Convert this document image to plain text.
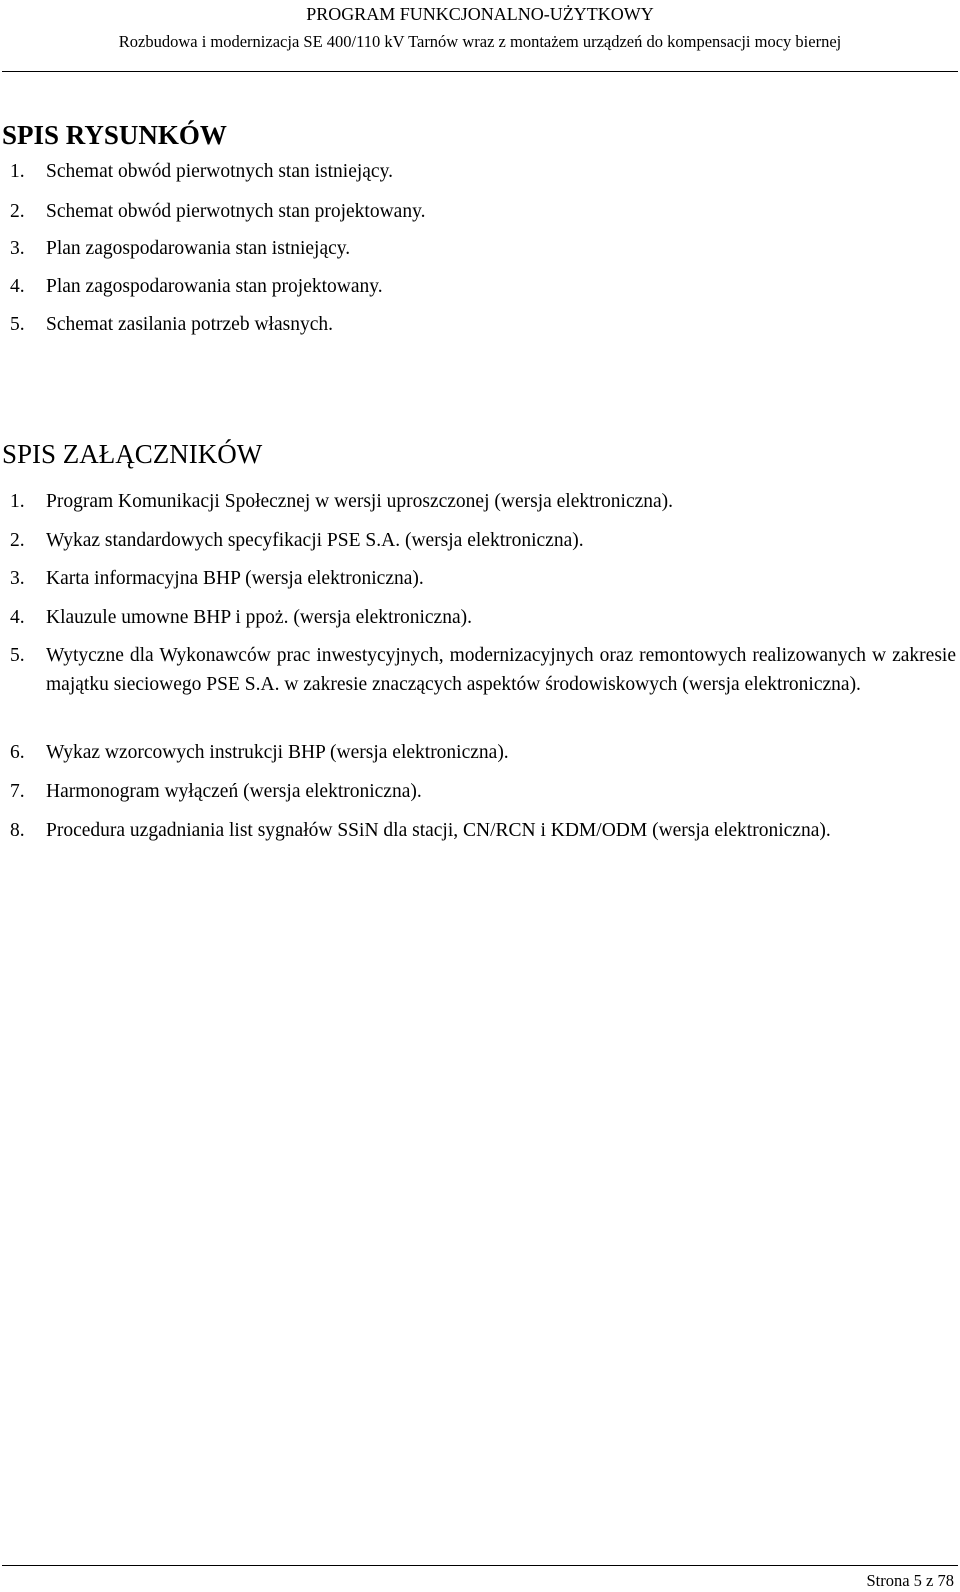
PROGRAM FUNKCJONALNO-UŻYTKOWY
Rozbudowa i modernizacja SE 400/110 kV Tarnów wraz z montażem urządzeń do kompensacji mocy biernej
SPIS RYSUNKÓW
1. Schemat obwód pierwotnych stan istniejący.
2. Schemat obwód pierwotnych stan projektowany.
3. Plan zagospodarowania stan istniejący.
4. Plan zagospodarowania stan projektowany.
5. Schemat zasilania potrzeb własnych.
SPIS ZAŁĄCZNIKÓW
1. Program Komunikacji Społecznej w wersji uproszczonej (wersja elektroniczna).
2. Wykaz standardowych specyfikacji PSE S.A. (wersja elektroniczna).
3. Karta informacyjna BHP (wersja elektroniczna).
4. Klauzule umowne BHP i ppoż. (wersja elektroniczna).
5. Wytyczne dla Wykonawców prac inwestycyjnych, modernizacyjnych oraz remontowych realizowanych w zakresie majątku sieciowego PSE S.A. w zakresie znaczących aspektów środowiskowych (wersja elektroniczna).
6. Wykaz wzorcowych instrukcji BHP (wersja elektroniczna).
7. Harmonogram wyłączeń (wersja elektroniczna).
8. Procedura uzgadniania list sygnałów SSiN dla stacji, CN/RCN i KDM/ODM (wersja elektroniczna).
Strona 5 z 78
